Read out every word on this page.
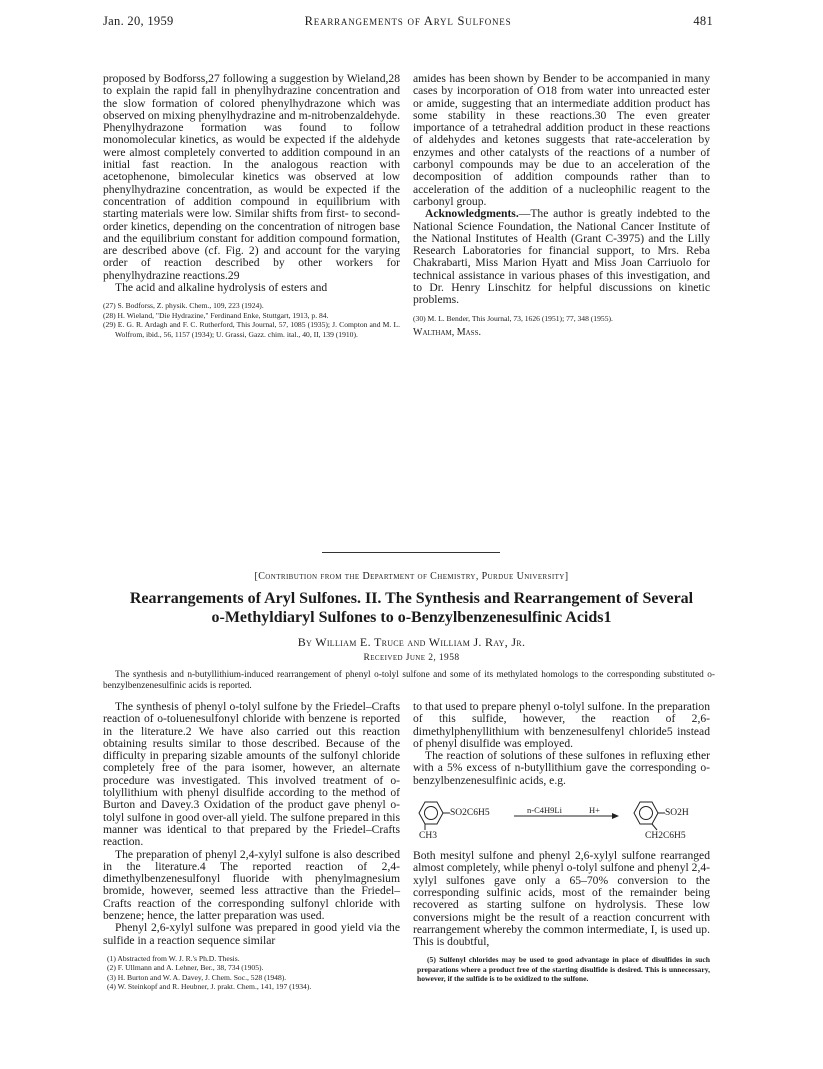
Jan. 20, 1959	Rearrangements of Aryl Sulfones	481

proposed by Bodforss,27 following a suggestion by Wieland,28 to explain the rapid fall in phenylhydrazine concentration and the slow formation of colored phenylhydrazone which was observed on mixing phenylhydrazine and m-nitrobenzaldehyde. Phenylhydrazone formation was found to follow monomolecular kinetics, as would be expected if the aldehyde were almost completely converted to addition compound in an initial fast reaction. In the analogous reaction with acetophenone, bimolecular kinetics was observed at low phenylhydrazine concentration, as would be expected if the concentration of addition compound in equilibrium with starting materials were low. Similar shifts from first- to second-order kinetics, depending on the concentration of nitrogen base and the equilibrium constant for addition compound formation, are described above (cf. Fig. 2) and account for the varying order of reaction described by other workers for phenylhydrazine reactions.29

The acid and alkaline hydrolysis of esters and

(27) S. Bodforss, Z. physik. Chem., 109, 223 (1924).
(28) H. Wieland, "Die Hydrazine," Ferdinand Enke, Stuttgart, 1913, p. 84.
(29) E. G. R. Ardagh and F. C. Rutherford, This Journal, 57, 1085 (1935); J. Compton and M. L. Wolfrom, ibid., 56, 1157 (1934); U. Grassi, Gazz. chim. ital., 40, II, 139 (1910).

amides has been shown by Bender to be accompanied in many cases by incorporation of O18 from water into unreacted ester or amide, suggesting that an intermediate addition product has some stability in these reactions.30 The even greater importance of a tetrahedral addition product in these reactions of aldehydes and ketones suggests that rate-acceleration by enzymes and other catalysts of the reactions of a number of carbonyl compounds may be due to an acceleration of the decomposition of addition compounds rather than to acceleration of the addition of a nucleophilic reagent to the carbonyl group.

Acknowledgments.—The author is greatly indebted to the National Science Foundation, the National Cancer Institute of the National Institutes of Health (Grant C-3975) and the Lilly Research Laboratories for financial support, to Mrs. Reba Chakrabarti, Miss Marion Hyatt and Miss Joan Carriuolo for technical assistance in various phases of this investigation, and to Dr. Henry Linschitz for helpful discussions on kinetic problems.

(30) M. L. Bender, This Journal, 73, 1626 (1951); 77, 348 (1955).
Waltham, Mass.
[Contribution from the Department of Chemistry, Purdue University]
Rearrangements of Aryl Sulfones. II. The Synthesis and Rearrangement of Several
o-Methyldiaryl Sulfones to o-Benzylbenzenesulfinic Acids1
By William E. Truce and William J. Ray, Jr.
Received June 2, 1958
The synthesis and n-butyllithium-induced rearrangement of phenyl o-tolyl sulfone and some of its methylated homologs to the corresponding substituted o-benzylbenzenesulfinic acids is reported.

The synthesis of phenyl o-tolyl sulfone by the Friedel–Crafts reaction of o-toluenesulfonyl chloride with benzene is reported in the literature.2 We have also carried out this reaction obtaining results similar to those described. Because of the difficulty in preparing sizable amounts of the sulfonyl chloride completely free of the para isomer, however, an alternate procedure was investigated. This involved treatment of o-tolyllithium with phenyl disulfide according to the method of Burton and Davey.3 Oxidation of the product gave phenyl o-tolyl sulfone in good over-all yield. The sulfone prepared in this manner was identical to that prepared by the Friedel–Crafts reaction.

The preparation of phenyl 2,4-xylyl sulfone is also described in the literature.4 The reported reaction of 2,4-dimethylbenzenesulfonyl fluoride with phenylmagnesium bromide, however, seemed less attractive than the Friedel–Crafts reaction of the corresponding sulfonyl chloride with benzene; hence, the latter preparation was used.

Phenyl 2,6-xylyl sulfone was prepared in good yield via the sulfide in a reaction sequence similar

(1) Abstracted from W. J. R.'s Ph.D. Thesis.
(2) F. Ullmann and A. Lehner, Ber., 38, 734 (1905).
(3) H. Burton and W. A. Davey, J. Chem. Soc., 528 (1948).
(4) W. Steinkopf and R. Heubner, J. prakt. Chem., 141, 197 (1934).

to that used to prepare phenyl o-tolyl sulfone. In the preparation of this sulfide, however, the reaction of 2,6-dimethylphenyllithium with benzenesulfenyl chloride5 instead of phenyl disulfide was employed.

The reaction of solutions of these sulfones in refluxing ether with a 5% excess of n-butyllithium gave the corresponding o-benzylbenzenesulfinic acids, e.g.

SO2C6H5
CH3
n-C4H9Li	H+	SO2H
CH2C6H5

Both mesityl sulfone and phenyl 2,6-xylyl sulfone rearranged almost completely, while phenyl o-tolyl sulfone and phenyl 2,4-xylyl sulfones gave only a 65–70% conversion to the corresponding sulfinic acids, most of the remainder being recovered as starting sulfone on hydrolysis. These low conversions might be the result of a reaction concurrent with rearrangement whereby the common intermediate, I, is used up. This is doubtful,

(5) Sulfenyl chlorides may be used to good advantage in place of disulfides in such preparations where a product free of the starting disulfide is desired. This is unnecessary, however, if the sulfide is to be oxidized to the sulfone.
